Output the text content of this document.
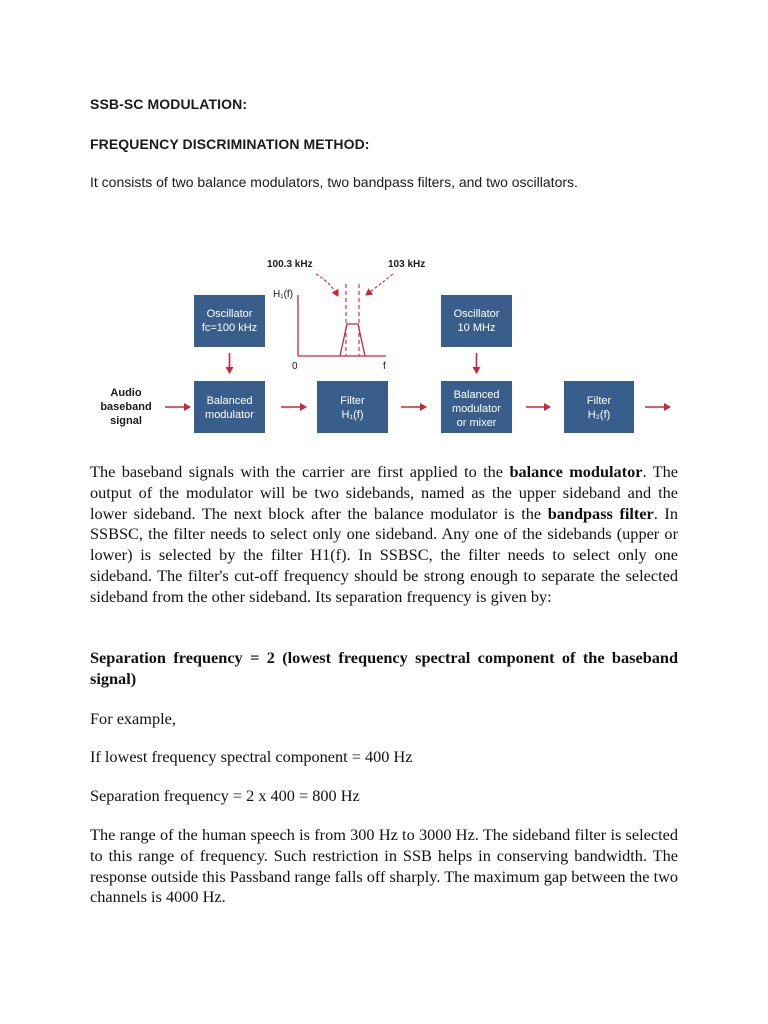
SSB-SC MODULATION:
FREQUENCY DISCRIMINATION METHOD:
It consists of two balance modulators, two bandpass filters, and two oscillators.
Audio
baseband
signal
Oscillator
fc=100 kHz
Oscillator
10 MHz
Balanced
modulator
Filter
H₁(f)
Balanced
modulator
or mixer
Filter
H₂(f)
100.3 kHz	103 kHz
H₁(f)
0	f

The baseband signals with the carrier are first applied to the balance modulator. The output of the modulator will be two sidebands, named as the upper sideband and the lower sideband. The next block after the balance modulator is the bandpass filter. In SSBSC, the filter needs to select only one sideband. Any one of the sidebands (upper or lower) is selected by the filter H1(f). In SSBSC, the filter needs to select only one sideband. The filter's cut-off frequency should be strong enough to separate the selected sideband from the other sideband. Its separation frequency is given by:

Separation frequency = 2 (lowest frequency spectral component of the baseband signal)

For example,

If lowest frequency spectral component = 400 Hz

Separation frequency = 2 x 400 = 800 Hz

The range of the human speech is from 300 Hz to 3000 Hz. The sideband filter is selected to this range of frequency. Such restriction in SSB helps in conserving bandwidth. The response outside this Passband range falls off sharply. The maximum gap between the two channels is 4000 Hz.
